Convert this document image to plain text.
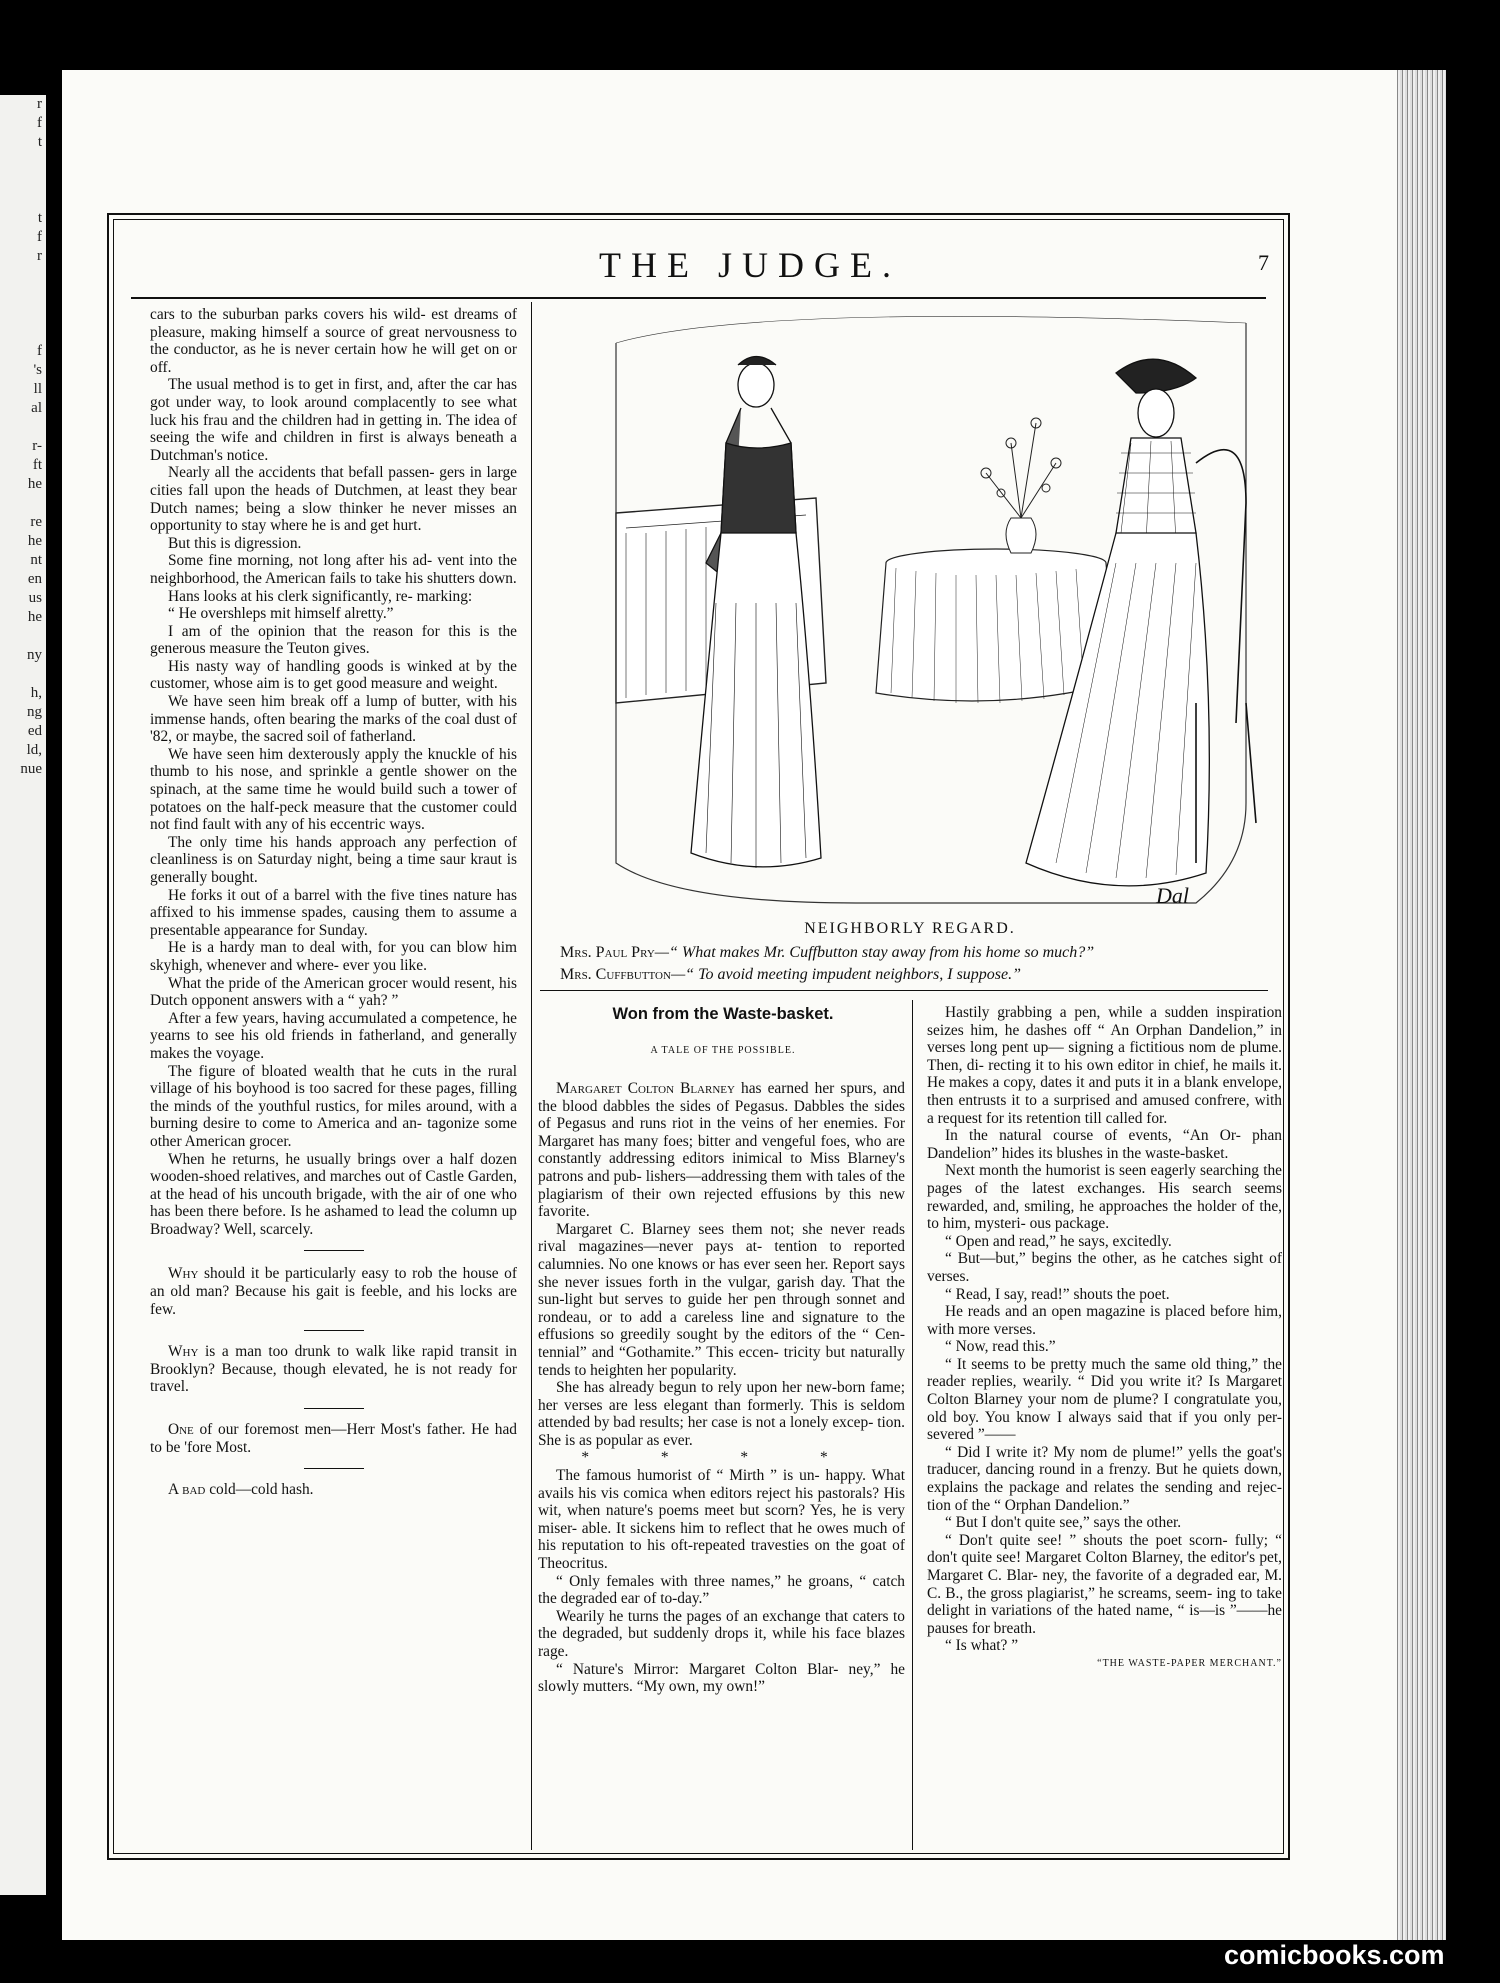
r
f
t
t
f
r
f
's
ll
al
r-
ft
he
re
he
nt
en
us
he
ny
h,
ng
ed
ld,
nue
THE JUDGE.	7

cars to the suburban parks covers his wild- est dreams of pleasure, making himself a source of great nervousness to the conductor, as he is never certain how he will get on or off.

The usual method is to get in first, and, after the car has got under way, to look around complacently to see what luck his frau and the children had in getting in. The idea of seeing the wife and children in first is always beneath a Dutchman's notice.

Nearly all the accidents that befall passen- gers in large cities fall upon the heads of Dutchmen, at least they bear Dutch names; being a slow thinker he never misses an opportunity to stay where he is and get hurt.

But this is digression.

Some fine morning, not long after his ad- vent into the neighborhood, the American fails to take his shutters down.

Hans looks at his clerk significantly, re- marking:

“ He overshleps mit himself alretty.”

I am of the opinion that the reason for this is the generous measure the Teuton gives.

His nasty way of handling goods is winked at by the customer, whose aim is to get good measure and weight.

We have seen him break off a lump of butter, with his immense hands, often bearing the marks of the coal dust of '82, or maybe, the sacred soil of fatherland.

We have seen him dexterously apply the knuckle of his thumb to his nose, and sprinkle a gentle shower on the spinach, at the same time he would build such a tower of potatoes on the half-peck measure that the customer could not find fault with any of his eccentric ways.

The only time his hands approach any perfection of cleanliness is on Saturday night, being a time saur kraut is generally bought.

He forks it out of a barrel with the five tines nature has affixed to his immense spades, causing them to assume a presentable appearance for Sunday.

He is a hardy man to deal with, for you can blow him skyhigh, whenever and where- ever you like.

What the pride of the American grocer would resent, his Dutch opponent answers with a “ yah? ”

After a few years, having accumulated a competence, he yearns to see his old friends in fatherland, and generally makes the voyage.

The figure of bloated wealth that he cuts in the rural village of his boyhood is too sacred for these pages, filling the minds of the youthful rustics, for miles around, with a burning desire to come to America and an- tagonize some other American grocer.

When he returns, he usually brings over a half dozen wooden-shoed relatives, and marches out of Castle Garden, at the head of his uncouth brigade, with the air of one who has been there before. Is he ashamed to lead the column up Broadway? Well, scarcely.

Why should it be particularly easy to rob the house of an old man? Because his gait is feeble, and his locks are few.

Why is a man too drunk to walk like rapid transit in Brooklyn? Because, though elevated, he is not ready for travel.

One of our foremost men—Herr Most's father. He had to be 'fore Most.

A bad cold—cold hash.

Dal
NEIGHBORLY REGARD.
Mrs. Paul Pry—“ What makes Mr. Cuffbutton stay away from his home so much?”
Mrs. Cuffbutton—“ To avoid meeting impudent neighbors, I suppose.”
Won from the Waste-basket.
A TALE OF THE POSSIBLE.

Margaret Colton Blarney has earned her spurs, and the blood dabbles the sides of Pegasus. Dabbles the sides of Pegasus and runs riot in the veins of her enemies. For Margaret has many foes; bitter and vengeful foes, who are constantly addressing editors inimical to Miss Blarney's patrons and pub- lishers—addressing them with tales of the plagiarism of their own rejected effusions by this new favorite.

Margaret C. Blarney sees them not; she never reads rival magazines—never pays at- tention to reported calumnies. No one knows or has ever seen her. Report says she never issues forth in the vulgar, garish day. That the sun-light but serves to guide her pen through sonnet and rondeau, or to add a careless line and signature to the effusions so greedily sought by the editors of the “ Cen- tennial” and “Gothamite.” This eccen- tricity but naturally tends to heighten her popularity.

She has already begun to rely upon her new-born fame; her verses are less elegant than formerly. This is seldom attended by bad results; her case is not a lonely excep- tion. She is as popular as ever.

* * * *

The famous humorist of “ Mirth ” is un- happy. What avails his vis comica when editors reject his pastorals? His wit, when nature's poems meet but scorn? Yes, he is very miser- able. It sickens him to reflect that he owes much of his reputation to his oft-repeated travesties on the goat of Theocritus.

“ Only females with three names,” he groans, “ catch the degraded ear of to-day.”

Wearily he turns the pages of an exchange that caters to the degraded, but suddenly drops it, while his face blazes rage.

“ Nature's Mirror: Margaret Colton Blar- ney,” he slowly mutters. “My own, my own!”

Hastily grabbing a pen, while a sudden inspiration seizes him, he dashes off “ An Orphan Dandelion,” in verses long pent up— signing a fictitious nom de plume. Then, di- recting it to his own editor in chief, he mails it. He makes a copy, dates it and puts it in a blank envelope, then entrusts it to a surprised and amused confrere, with a request for its retention till called for.

In the natural course of events, “An Or- phan Dandelion” hides its blushes in the waste-basket.

Next month the humorist is seen eagerly searching the pages of the latest exchanges. His search seems rewarded, and, smiling, he approaches the holder of the, to him, mysteri- ous package.

“ Open and read,” he says, excitedly.

“ But—but,” begins the other, as he catches sight of verses.

“ Read, I say, read!” shouts the poet.

He reads and an open magazine is placed before him, with more verses.

“ Now, read this.”

“ It seems to be pretty much the same old thing,” the reader replies, wearily. “ Did you write it? Is Margaret Colton Blarney your nom de plume? I congratulate you, old boy. You know I always said that if you only per- severed ”——

“ Did I write it? My nom de plume!” yells the goat's traducer, dancing round in a frenzy. But he quiets down, explains the package and relates the sending and rejec- tion of the “ Orphan Dandelion.”

“ But I don't quite see,” says the other.

“ Don't quite see! ” shouts the poet scorn- fully; “ don't quite see! Margaret Colton Blarney, the editor's pet, Margaret C. Blar- ney, the favorite of a degraded ear, M. C. B., the gross plagiarist,” he screams, seem- ing to take delight in variations of the hated name, “ is—is ”——he pauses for breath.

“ Is what? ”

“THE WASTE-PAPER MERCHANT.”

comicbooks.com
